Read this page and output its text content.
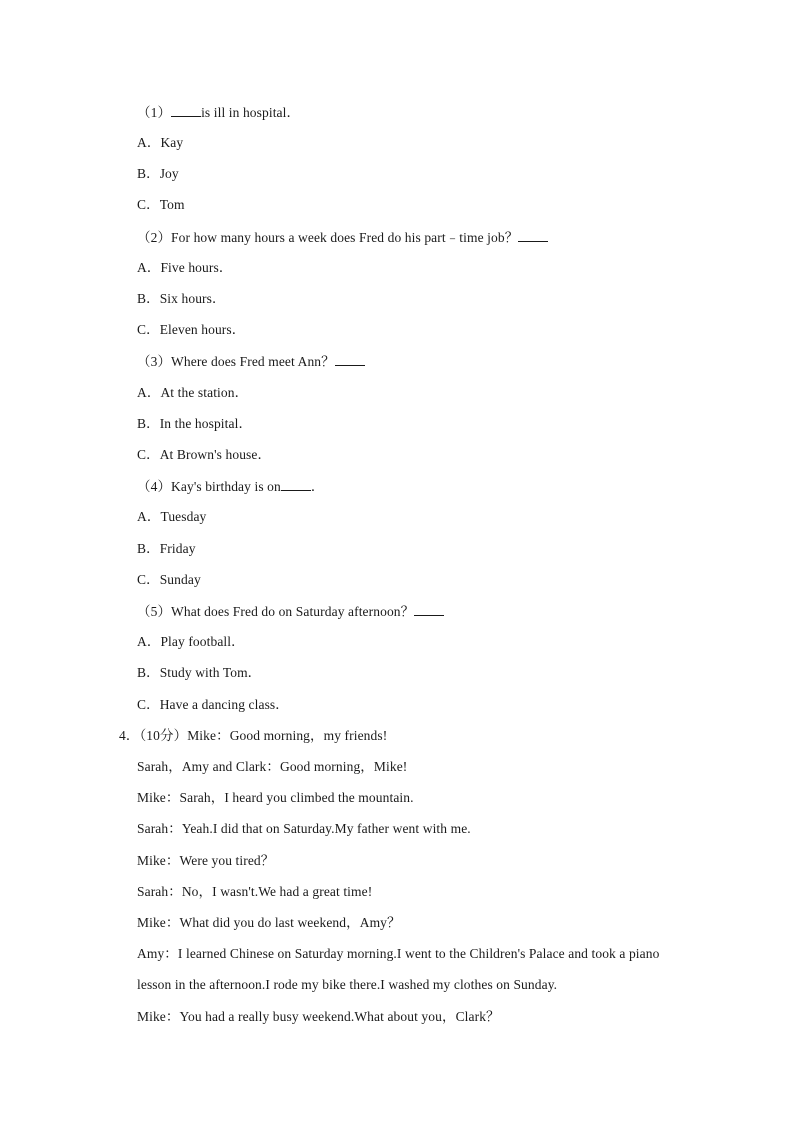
（1） is ill in hospital．
A．Kay
B．Joy
C．Tom
（2）For how many hours a week does Fred do his part﹣time job？
A．Five hours．
B．Six hours．
C．Eleven hours．
（3）Where does Fred meet Ann？
A．At the station．
B．In the hospital．
C．At Brown's house．
（4）Kay's birthday is on ．
A．Tuesday
B．Friday
C．Sunday
（5）What does Fred do on Saturday afternoon？
A．Play football．
B．Study with Tom．
C．Have a dancing class．
4．（10分）Mike：Good morning，my friends!
Sarah，Amy and Clark：Good morning，Mike!
Mike：Sarah，I heard you climbed the mountain.
Sarah：Yeah.I did that on Saturday.My father went with me.
Mike：Were you tired？
Sarah：No，I wasn't.We had a great time!
Mike：What did you do last weekend，Amy？
Amy：I learned Chinese on Saturday morning.I went to the Children's Palace and took a piano
lesson in the afternoon.I rode my bike there.I washed my clothes on Sunday.
Mike：You had a really busy weekend.What about you，Clark？
